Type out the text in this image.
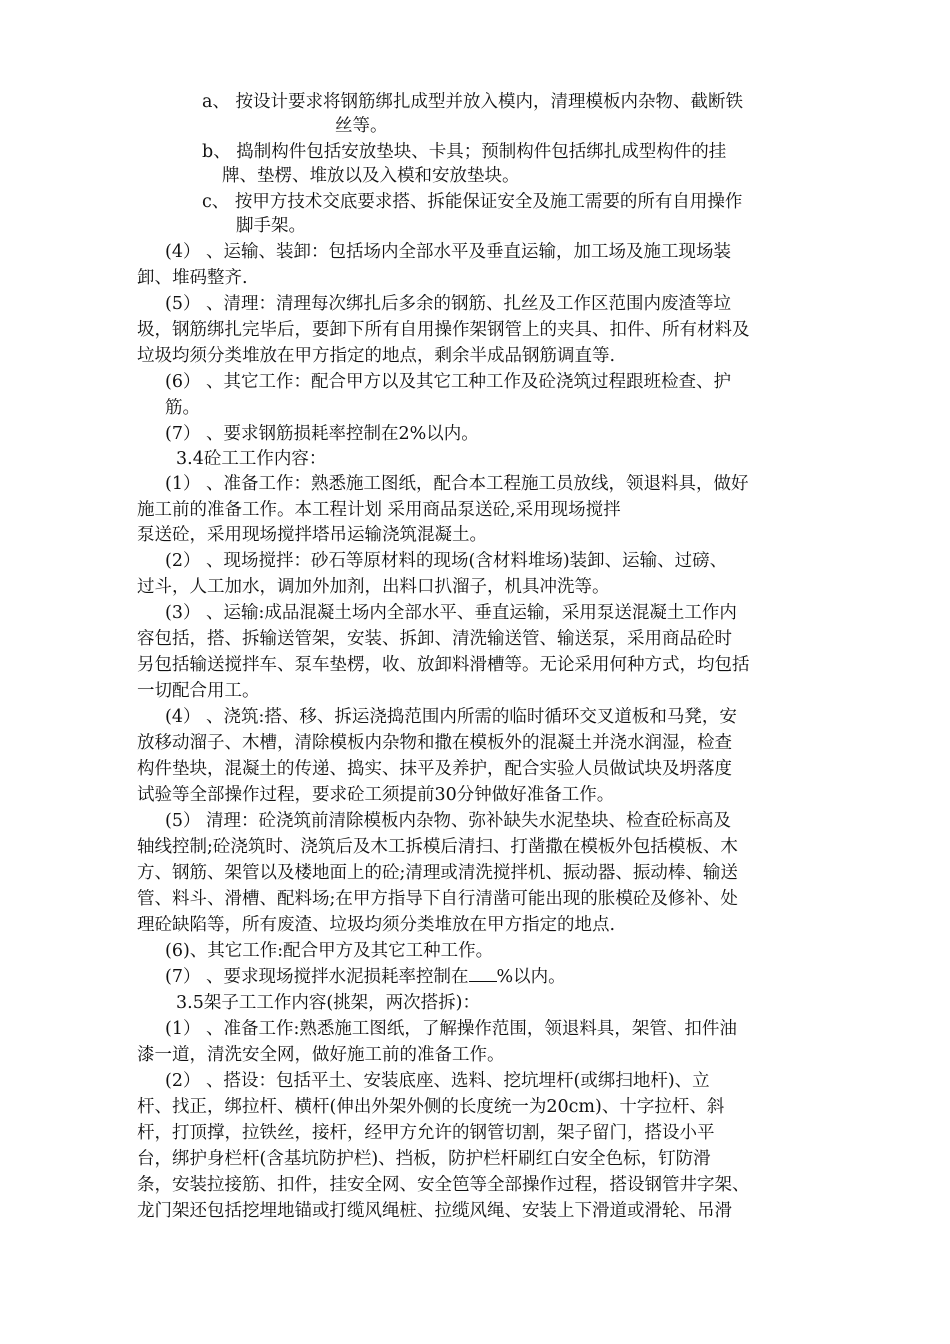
a、 按设计要求将钢筋绑扎成型并放入模内，清理模板内杂物、截断铁
丝等。
b、 捣制构件包括安放垫块、卡具；预制构件包括绑扎成型构件的挂
牌、垫楞、堆放以及入模和安放垫块。
c、 按甲方技术交底要求搭、拆能保证安全及施工需要的所有自用操作
脚手架。
(4） 、运输、装卸：包括场内全部水平及垂直运输，加工场及施工现场装
卸、堆码整齐.
(5） 、清理：清理每次绑扎后多余的钢筋、扎丝及工作区范围内废渣等垃
圾，钢筋绑扎完毕后，要卸下所有自用操作架钢管上的夹具、扣件、所有材料及
垃圾均须分类堆放在甲方指定的地点，剩余半成品钢筋调直等.
(6） 、其它工作：配合甲方以及其它工种工作及砼浇筑过程跟班检查、护
筋。
(7） 、要求钢筋损耗率控制在2%以内。
3.4砼工工作内容：
(1） 、准备工作：熟悉施工图纸，配合本工程施工员放线，领退料具，做好
施工前的准备工作。本工程计划 采用商品泵送砼,采用现场搅拌
泵送砼，采用现场搅拌塔吊运输浇筑混凝土。
(2） 、现场搅拌：砂石等原材料的现场(含材料堆场)装卸、运输、过磅、
过斗，人工加水，调加外加剂，出料口扒溜子，机具冲洗等。
(3） 、运输:成品混凝土场内全部水平、垂直运输，采用泵送混凝土工作内
容包括，搭、拆输送管架，安装、拆卸、清洗输送管、输送泵，采用商品砼时
另包括输送搅拌车、泵车垫楞，收、放卸料滑槽等。无论采用何种方式，均包括
一切配合用工。
(4） 、浇筑:搭、移、拆运浇捣范围内所需的临时循环交叉道板和马凳，安
放移动溜子、木槽，清除模板内杂物和撒在模板外的混凝土并浇水润湿，检查
构件垫块，混凝土的传递、捣实、抹平及养护，配合实验人员做试块及坍落度
试验等全部操作过程，要求砼工须提前30分钟做好准备工作。
(5） 清理：砼浇筑前清除模板内杂物、弥补缺失水泥垫块、检查砼标高及
轴线控制;砼浇筑时、浇筑后及木工拆模后清扫、打凿撒在模板外包括模板、木
方、钢筋、架管以及楼地面上的砼;清理或清洗搅拌机、振动器、振动棒、输送
管、料斗、滑槽、配料场;在甲方指导下自行清凿可能出现的胀模砼及修补、处
理砼缺陷等，所有废渣、垃圾均须分类堆放在甲方指定的地点.
(6)、其它工作:配合甲方及其它工种工作。
(7） 、要求现场搅拌水泥损耗率控制在 %以内。
3.5架子工工作内容(挑架，两次搭拆)：
(1） 、准备工作:熟悉施工图纸，了解操作范围，领退料具，架管、扣件油
漆一道，清洗安全网，做好施工前的准备工作。
(2） 、搭设：包括平土、安装底座、选料、挖坑埋杆(或绑扫地杆)、立
杆、找正，绑拉杆、横杆(伸出外架外侧的长度统一为20cm)、十字拉杆、斜
杆，打顶撑，拉铁丝，接杆，经甲方允许的钢管切割，架子留门，搭设小平
台，绑护身栏杆(含基坑防护栏)、挡板，防护栏杆刷红白安全色标，钉防滑
条，安装拉接筋、扣件，挂安全网、安全笆等全部操作过程，搭设钢管井字架、
龙门架还包括挖埋地锚或打缆风绳桩、拉缆风绳、安装上下滑道或滑轮、吊滑
